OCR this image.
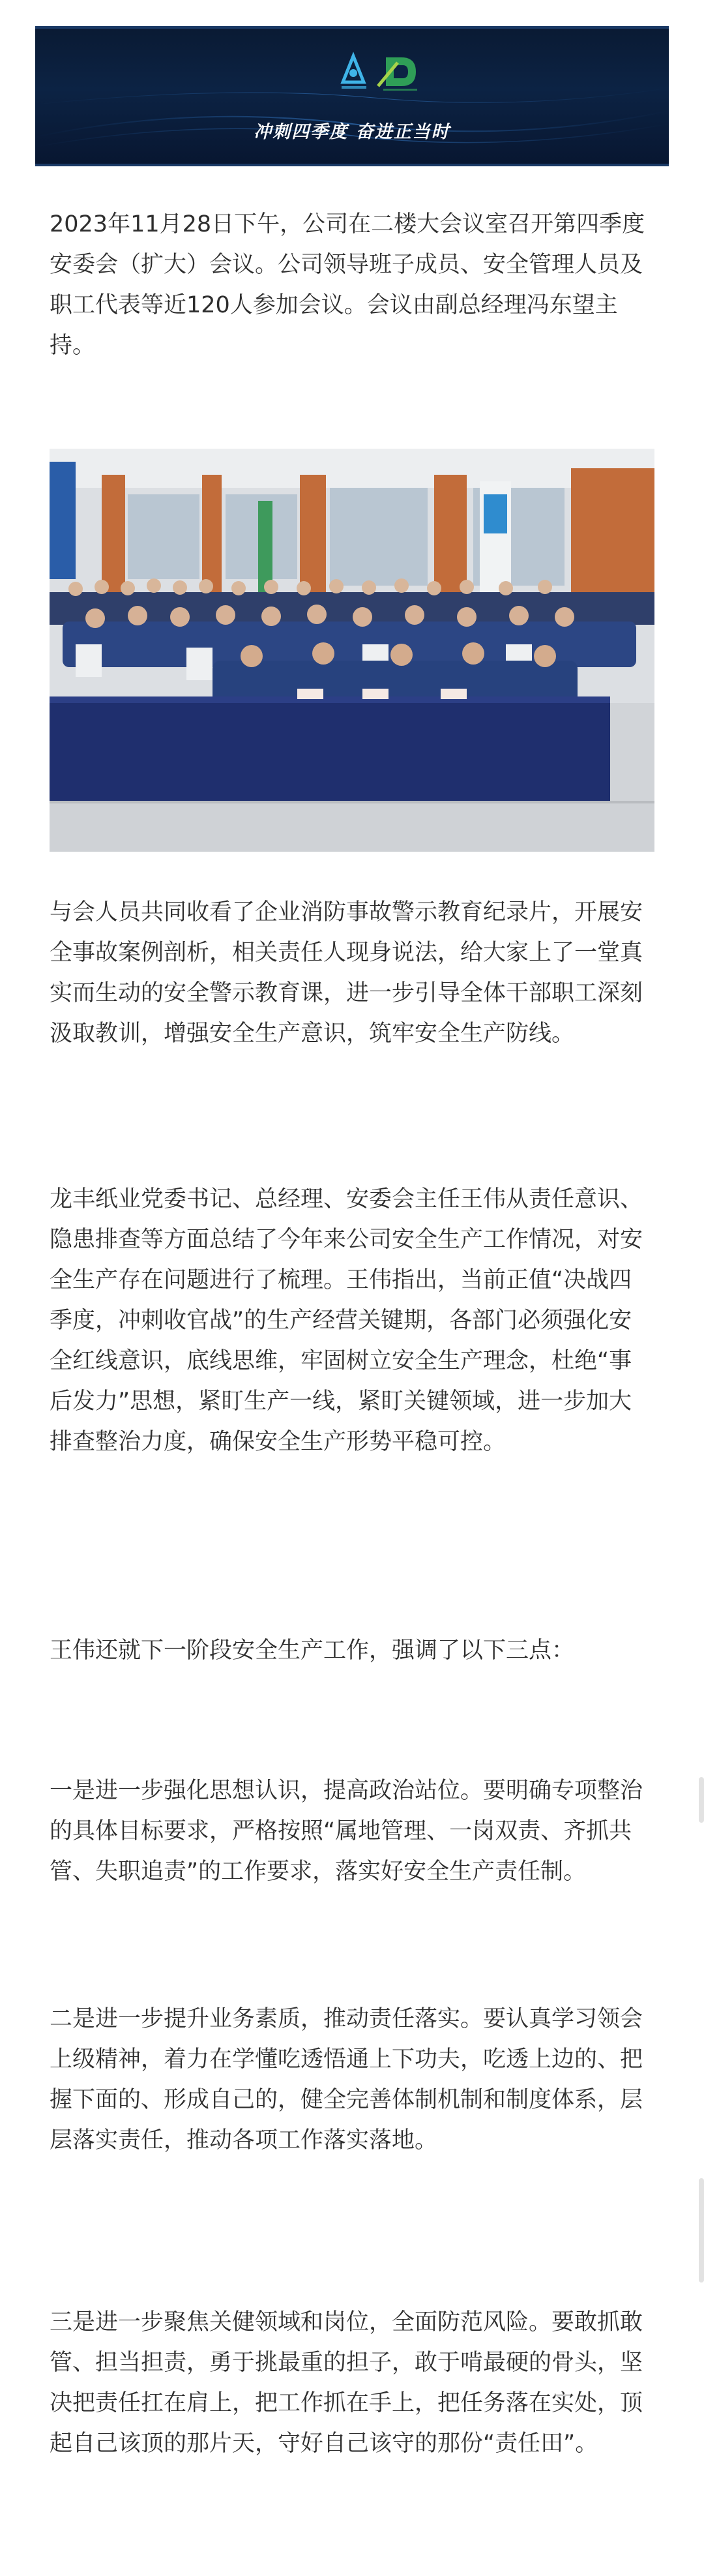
冲刺四季度 奋进正当时

2023年11月28日下午，公司在二楼大会议室召开第四季度安委会（扩大）会议。公司领导班子成员、安全管理人员及职工代表等近120人参加会议。会议由副总经理冯东望主持。

与会人员共同收看了企业消防事故警示教育纪录片，开展安全事故案例剖析，相关责任人现身说法，给大家上了一堂真实而生动的安全警示教育课，进一步引导全体干部职工深刻汲取教训，增强安全生产意识，筑牢安全生产防线。

龙丰纸业党委书记、总经理、安委会主任王伟从责任意识、隐患排查等方面总结了今年来公司安全生产工作情况，对安全生产存在问题进行了梳理。王伟指出，当前正值“决战四季度，冲刺收官战”的生产经营关键期，各部门必须强化安全红线意识，底线思维，牢固树立安全生产理念，杜绝“事后发力”思想，紧盯生产一线，紧盯关键领域，进一步加大排查整治力度，确保安全生产形势平稳可控。

王伟还就下一阶段安全生产工作，强调了以下三点：

一是进一步强化思想认识，提高政治站位。要明确专项整治的具体目标要求，严格按照“属地管理、一岗双责、齐抓共管、失职追责”的工作要求，落实好安全生产责任制。

二是进一步提升业务素质，推动责任落实。要认真学习领会上级精神，着力在学懂吃透悟通上下功夫，吃透上边的、把握下面的、形成自己的，健全完善体制机制和制度体系，层层落实责任，推动各项工作落实落地。

三是进一步聚焦关健领域和岗位，全面防范风险。要敢抓敢管、担当担责，勇于挑最重的担子，敢于啃最硬的骨头，坚决把责任扛在肩上，把工作抓在手上，把任务落在实处，顶起自己该顶的那片天，守好自己该守的那份“责任田”。
